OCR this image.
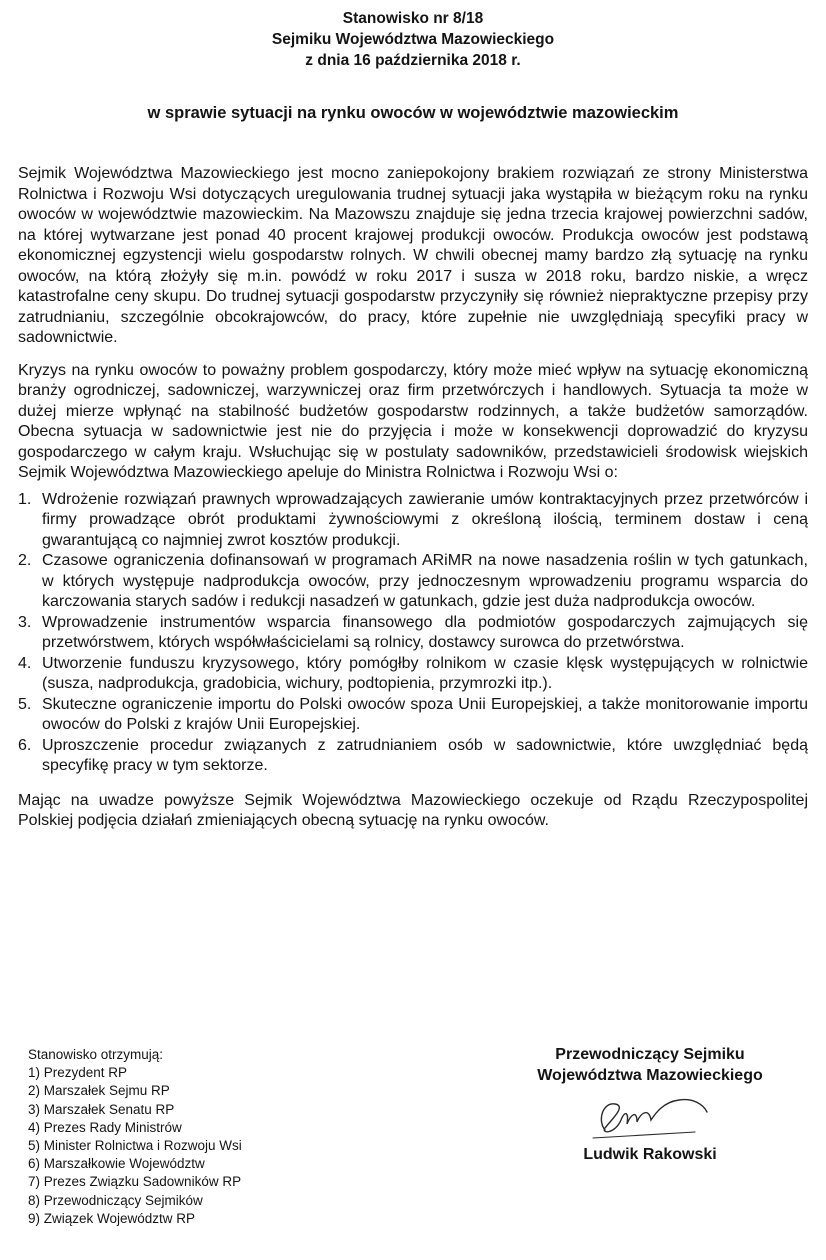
Stanowisko nr 8/18
Sejmiku Województwa Mazowieckiego
z dnia 16 października 2018 r.
w sprawie sytuacji na rynku owoców w województwie mazowieckim

Sejmik Województwa Mazowieckiego jest mocno zaniepokojony brakiem rozwiązań ze strony Ministerstwa Rolnictwa i Rozwoju Wsi dotyczących uregulowania trudnej sytuacji jaka wystąpiła w bieżącym roku na rynku owoców w województwie mazowieckim. Na Mazowszu znajduje się jedna trzecia krajowej powierzchni sadów, na której wytwarzane jest ponad 40 procent krajowej produkcji owoców. Produkcja owoców jest podstawą ekonomicznej egzystencji wielu gospodarstw rolnych. W chwili obecnej mamy bardzo złą sytuację na rynku owoców, na którą złożyły się m.in. powódź w roku 2017 i susza w 2018 roku, bardzo niskie, a wręcz katastrofalne ceny skupu. Do trudnej sytuacji gospodarstw przyczyniły się również niepraktyczne przepisy przy zatrudnianiu, szczególnie obcokrajowców, do pracy, które zupełnie nie uwzględniają specyfiki pracy w sadownictwie.

Kryzys na rynku owoców to poważny problem gospodarczy, który może mieć wpływ na sytuację ekonomiczną branży ogrodniczej, sadowniczej, warzywniczej oraz firm przetwórczych i handlowych. Sytuacja ta może w dużej mierze wpłynąć na stabilność budżetów gospodarstw rodzinnych, a także budżetów samorządów. Obecna sytuacja w sadownictwie jest nie do przyjęcia i może w konsekwencji doprowadzić do kryzysu gospodarczego w całym kraju. Wsłuchując się w postulaty sadowników, przedstawicieli środowisk wiejskich Sejmik Województwa Mazowieckiego apeluje do Ministra Rolnictwa i Rozwoju Wsi o:

1. Wdrożenie rozwiązań prawnych wprowadzających zawieranie umów kontraktacyjnych przez przetwórców i firmy prowadzące obrót produktami żywnościowymi z określoną ilością, terminem dostaw i ceną gwarantującą co najmniej zwrot kosztów produkcji.
2. Czasowe ograniczenia dofinansowań w programach ARiMR na nowe nasadzenia roślin w tych gatunkach, w których występuje nadprodukcja owoców, przy jednoczesnym wprowadzeniu programu wsparcia do karczowania starych sadów i redukcji nasadzeń w gatunkach, gdzie jest duża nadprodukcja owoców.
3. Wprowadzenie instrumentów wsparcia finansowego dla podmiotów gospodarczych zajmujących się przetwórstwem, których współwłaścicielami są rolnicy, dostawcy surowca do przetwórstwa.
4. Utworzenie funduszu kryzysowego, który pomógłby rolnikom w czasie klęsk występujących w rolnictwie (susza, nadprodukcja, gradobicia, wichury, podtopienia, przymrozki itp.).
5. Skuteczne ograniczenie importu do Polski owoców spoza Unii Europejskiej, a także monitorowanie importu owoców do Polski z krajów Unii Europejskiej.
6. Uproszczenie procedur związanych z zatrudnianiem osób w sadownictwie, które uwzględniać będą specyfikę pracy w tym sektorze.

Mając na uwadze powyższe Sejmik Województwa Mazowieckiego oczekuje od Rządu Rzeczypospolitej Polskiej podjęcia działań zmieniających obecną sytuację na rynku owoców.

Stanowisko otrzymują:
1) Prezydent RP
2) Marszałek Sejmu RP
3) Marszałek Senatu RP
4) Prezes Rady Ministrów
5) Minister Rolnictwa i Rozwoju Wsi
6) Marszałkowie Województw
7) Prezes Związku Sadowników RP
8) Przewodniczący Sejmików
9) Związek Województw RP
Przewodniczący Sejmiku
Województwa Mazowieckiego
Ludwik Rakowski
